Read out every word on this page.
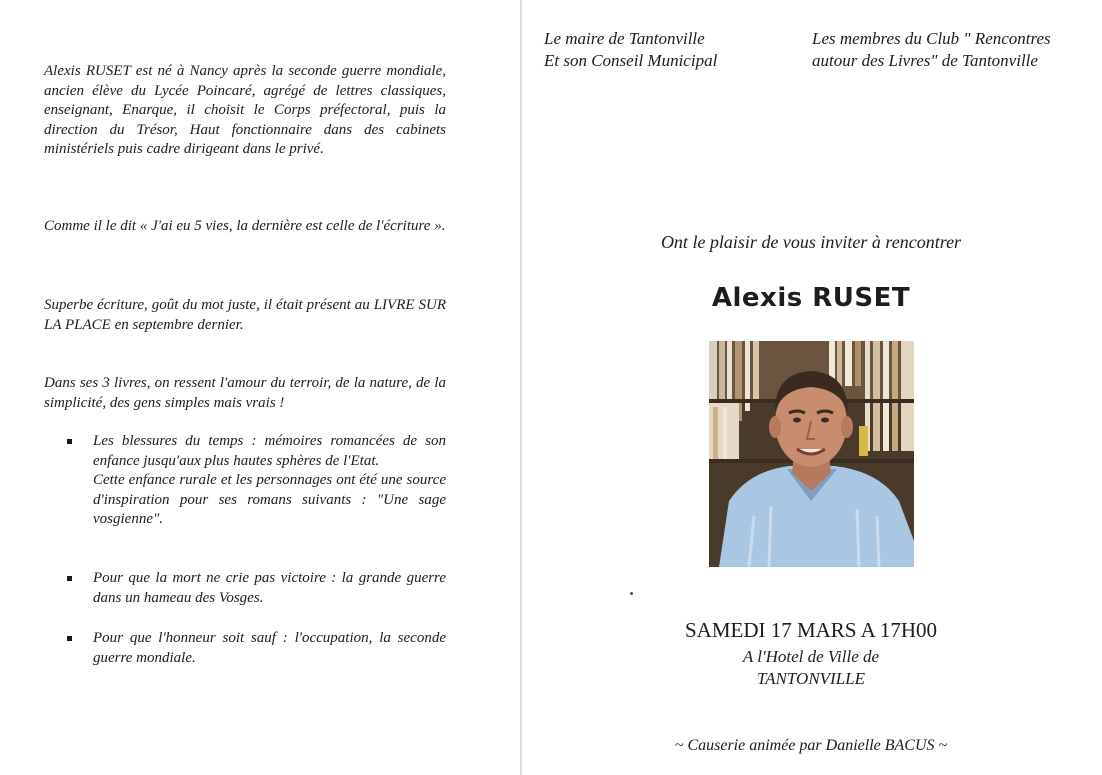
Alexis RUSET est né à Nancy après la seconde guerre mondiale, ancien élève du Lycée Poincaré, agrégé de lettres classiques, enseignant, Enarque, il choisit le Corps préfectoral, puis la direction du Trésor, Haut fonctionnaire dans des cabinets ministériels puis cadre dirigeant dans le privé.

Comme il le dit « J'ai eu 5 vies, la dernière est celle de l'écriture ».

Superbe écriture, goût du mot juste, il était présent au LIVRE SUR LA PLACE en septembre dernier.

Dans ses 3 livres, on ressent l'amour du terroir, de la nature, de la simplicité, des gens simples mais vrais !

Les blessures du temps : mémoires romancées de son enfance jusqu'aux plus hautes sphères de l'Etat.
Cette enfance rurale et les personnages ont été une source d'inspiration pour ses romans suivants : "Une sage vosgienne".
Pour que la mort ne crie pas victoire : la grande guerre dans un hameau des Vosges.
Pour que l'honneur soit sauf : l'occupation, la seconde guerre mondiale.
Le maire de Tantonville
Et son Conseil Municipal
Les membres du Club " Rencontres
autour des Livres" de Tantonville
Ont le plaisir de vous inviter à rencontrer
Alexis RUSET
SAMEDI 17 MARS A 17H00
A l'Hotel de Ville de
TANTONVILLE
~ Causerie animée par Danielle BACUS ~
